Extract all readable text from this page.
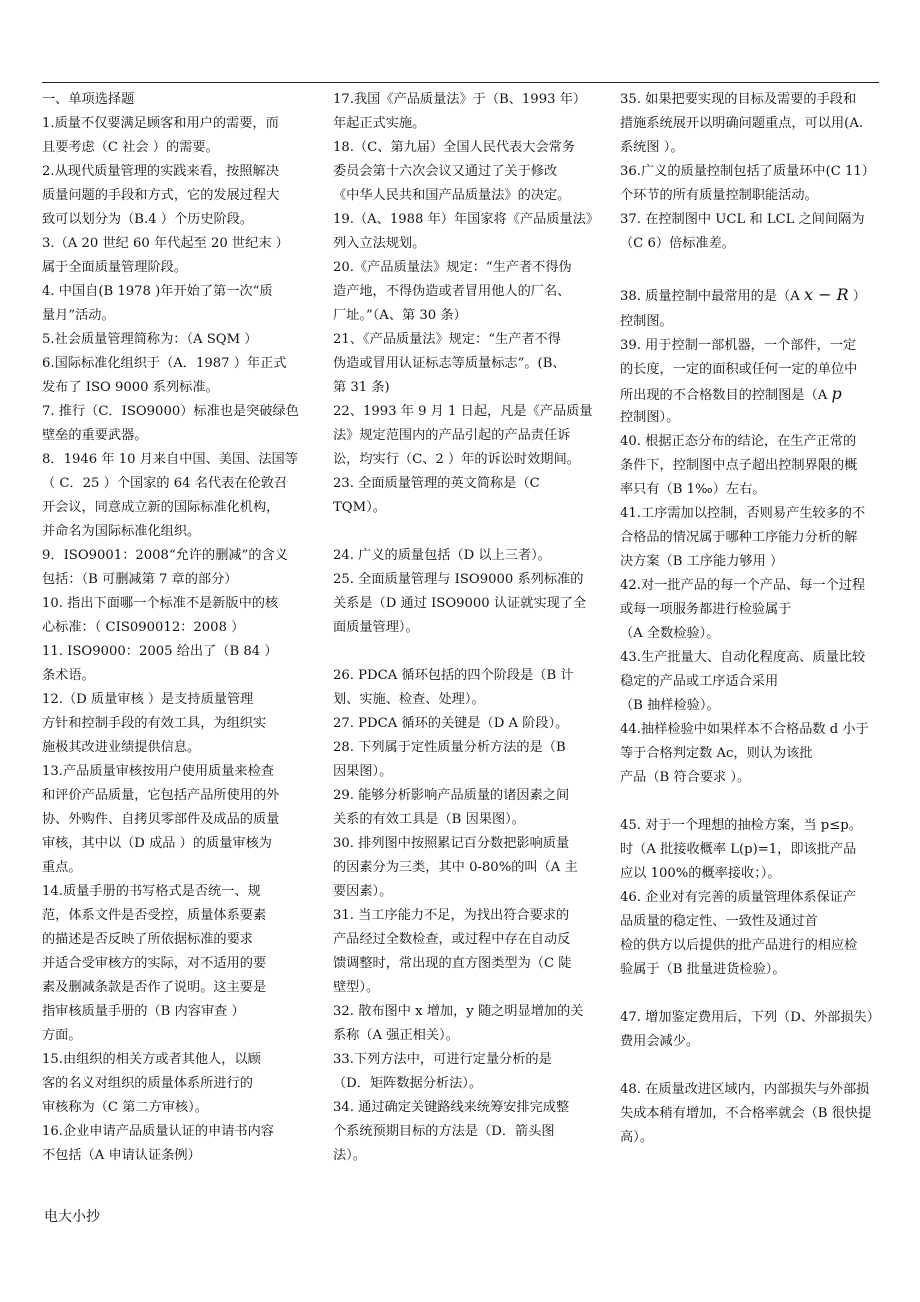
一、单项选择题
1.质量不仅要满足顾客和用户的需要，而
且要考虑（C 社会 ）的需要。
2.从现代质量管理的实践来看，按照解决
质量问题的手段和方式，它的发展过程大
致可以划分为（B.4 ）个历史阶段。
3.（A 20 世纪 60 年代起至 20 世纪末 ）
属于全面质量管理阶段。
4. 中国自(B 1978 )年开始了第一次“质
量月”活动。
5.社会质量管理简称为：（A SQM ）
6.国际标准化组织于（A．1987 ）年正式
发布了 ISO 9000 系列标准。
7. 推行（C．ISO9000）标准也是突破绿色
壁垒的重要武器。
8．1946 年 10 月来自中国、美国、法国等
（ C．25 ）个国家的 64 名代表在伦敦召
开会议，同意成立新的国际标准化机构，
并命名为国际标准化组织。
9．ISO9001：2008“允许的删减”的含义
包括：（B 可删减第 7 章的部分）
10. 指出下面哪一个标准不是新版中的核
心标准：（ CIS090012：2008 ）
11. ISO9000：2005 给出了（B 84 ）
条术语。
12.（D 质量审核 ）是支持质量管理
方针和控制手段的有效工具，为组织实
施极其改进业绩提供信息。
13.产品质量审核按用户使用质量来检查
和评价产品质量，它包括产品所使用的外
协、外购件、自拷贝零部件及成品的质量
审核，其中以（D 成品 ）的质量审核为
重点。
14.质量手册的书写格式是否统一、规
范，体系文件是否受控，质量体系要素
的描述是否反映了所依据标准的要求
并适合受审核方的实际，对不适用的要
素及删减条款是否作了说明。这主要是
指审核质量手册的（B 内容审查 ）
方面。
15.由组织的相关方或者其他人，以顾
客的名义对组织的质量体系所进行的
审核称为（C 第二方审核）。
16.企业申请产品质量认证的申请书内容
不包括（A 申请认证条例）
17.我国《产品质量法》于（B、1993 年）
年起正式实施。
18.（C、第九届）全国人民代表大会常务
委员会第十六次会议又通过了关于修改
《中华人民共和国产品质量法》的决定。
19.（A、1988 年）年国家将《产品质量法》
列入立法规划。
20.《产品质量法》规定：“生产者不得伪
造产地，不得伪造或者冒用他人的厂名、
厂址。”（A、第 30 条）
21、《产品质量法》规定：“生产者不得
伪造或冒用认证标志等质量标志”。(B、
第 31 条)
22、1993 年 9 月 1 日起，凡是《产品质量
法》规定范围内的产品引起的产品责任诉
讼，均实行（C、2 ）年的诉讼时效期间。
23. 全面质量管理的英文简称是（C
TQM）。
24. 广义的质量包括（D 以上三者）。
25. 全面质量管理与 ISO9000 系列标准的
关系是（D 通过 ISO9000 认证就实现了全
面质量管理）。
26. PDCA 循环包括的四个阶段是（B 计
划、实施、检查、处理）。
27. PDCA 循环的关键是（D A 阶段）。
28. 下列属于定性质量分析方法的是（B
因果图）。
29. 能够分析影响产品质量的诸因素之间
关系的有效工具是（B 因果图）。
30. 排列图中按照累记百分数把影响质量
的因素分为三类，其中 0-80%的叫（A 主
要因素）。
31. 当工序能力不足，为找出符合要求的
产品经过全数检查，或过程中存在自动反
馈调整时，常出现的直方图类型为（C 陡
壁型）。
32. 散布图中 x 增加，y 随之明显增加的关
系称（A 强正相关）。
33.下列方法中，可进行定量分析的是
（D．矩阵数据分析法）。
34. 通过确定关键路线来统筹安排完成整
个系统预期目标的方法是（D．箭头图
法）。
35. 如果把要实现的目标及需要的手段和
措施系统展开以明确问题重点，可以用(A.
系统图 ）。
36.广义的质量控制包括了质量环中(C 11）
个环节的所有质量控制职能活动。
37. 在控制图中 UCL 和 LCL 之间间隔为
（C 6）倍标准差。
38. 质量控制中最常用的是（A x − R ）
控制图。
39. 用于控制一部机器，一个部件，一定
的长度，一定的面积或任何一定的单位中
所出现的不合格数目的控制图是（A p
控制图）。
40. 根据正态分布的结论，在生产正常的
条件下，控制图中点子超出控制界限的概
率只有（B 1‰）左右。
41.工序需加以控制，否则易产生较多的不
合格品的情况属于哪种工序能力分析的解
决方案（B 工序能力够用 ）
42.对一批产品的每一个产品、每一个过程
或每一项服务都进行检验属于
（A 全数检验）。
43.生产批量大、自动化程度高、质量比较
稳定的产品或工序适合采用
（B 抽样检验）。
44.抽样检验中如果样本不合格品数 d 小于
等于合格判定数 Ac，则认为该批
产品（B 符合要求 ）。
45. 对于一个理想的抽检方案，当 p≤p。
时（A 批接收概率 L(p)=1，即该批产品
应以 100%的概率接收；）。
46. 企业对有完善的质量管理体系保证产
品质量的稳定性、一致性及通过首
检的供方以后提供的批产品进行的相应检
验属于（B 批量进货检验）。
47. 增加鉴定费用后，下列（D、外部损失）
费用会减少。
48. 在质量改进区域内，内部损失与外部损
失成本稍有增加，不合格率就会（B 很快提
高）。
电大小抄
